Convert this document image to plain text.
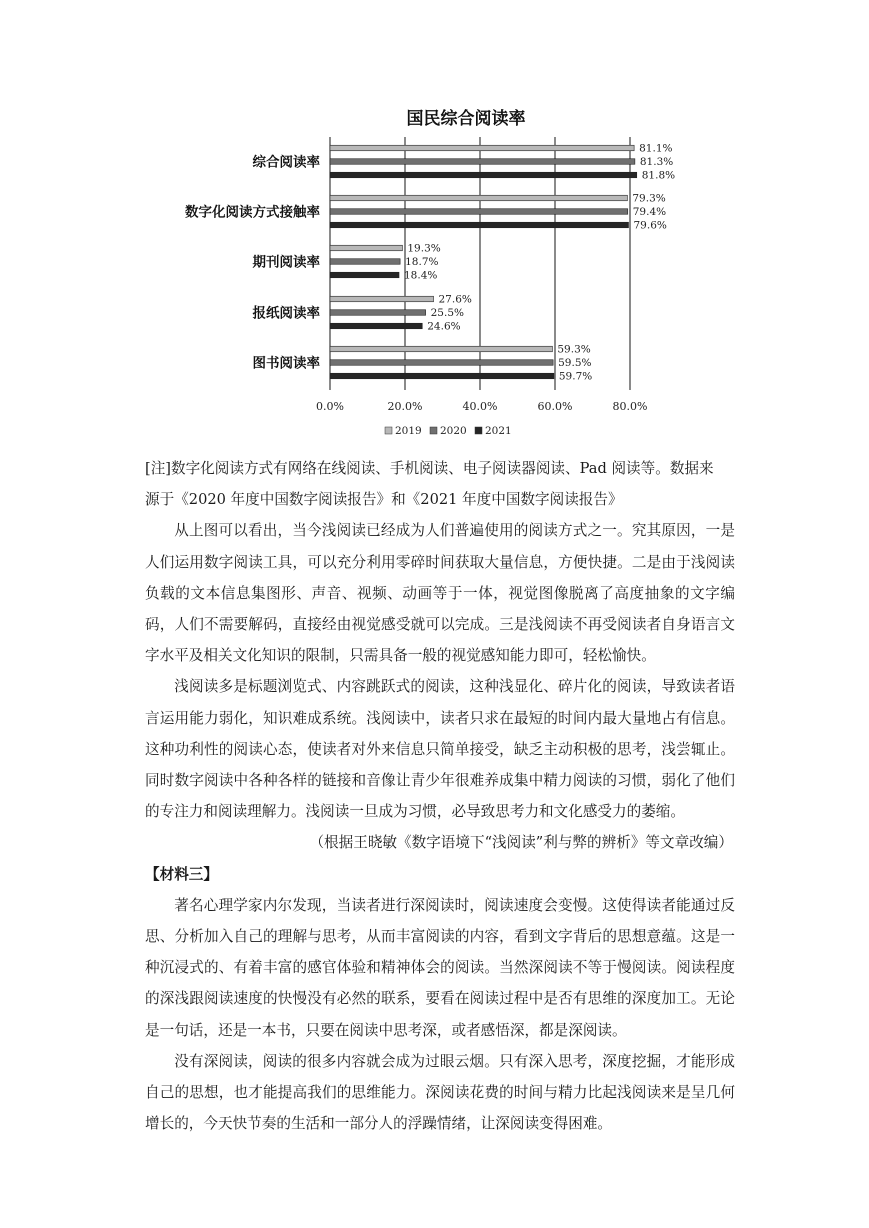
国民综合阅读率
0.0%	20.0%	40.0%	60.0%	80.0%
综合阅读率
数字化阅读方式接触率
期刊阅读率
报纸阅读率
图书阅读率
81.1%
79.3%
19.3%
27.6%
59.3%
81.3%
79.4%
18.7%
25.5%
59.5%
81.8%
79.6%
18.4%
24.6%
59.7%
2019 2020 2021

[注]数字化阅读方式有网络在线阅读、手机阅读、电子阅读器阅读、Pad 阅读等。数据来

源于《2020 年度中国数字阅读报告》和《2021 年度中国数字阅读报告》

从上图可以看出，当今浅阅读已经成为人们普遍使用的阅读方式之一。究其原因，一是人们运用数字阅读工具，可以充分利用零碎时间获取大量信息，方便快捷。二是由于浅阅读负载的文本信息集图形、声音、视频、动画等于一体，视觉图像脱离了高度抽象的文字编码，人们不需要解码，直接经由视觉感受就可以完成。三是浅阅读不再受阅读者自身语言文字水平及相关文化知识的限制，只需具备一般的视觉感知能力即可，轻松愉快。

浅阅读多是标题浏览式、内容跳跃式的阅读，这种浅显化、碎片化的阅读，导致读者语言运用能力弱化，知识难成系统。浅阅读中，读者只求在最短的时间内最大量地占有信息。这种功利性的阅读心态，使读者对外来信息只简单接受，缺乏主动积极的思考，浅尝辄止。同时数字阅读中各种各样的链接和音像让青少年很难养成集中精力阅读的习惯，弱化了他们的专注力和阅读理解力。浅阅读一旦成为习惯，必导致思考力和文化感受力的萎缩。

（根据王晓敏《数字语境下“浅阅读”利与弊的辨析》等文章改编）

【材料三】

著名心理学家内尔发现，当读者进行深阅读时，阅读速度会变慢。这使得读者能通过反思、分析加入自己的理解与思考，从而丰富阅读的内容，看到文字背后的思想意蕴。这是一种沉浸式的、有着丰富的感官体验和精神体会的阅读。当然深阅读不等于慢阅读。阅读程度的深浅跟阅读速度的快慢没有必然的联系，要看在阅读过程中是否有思维的深度加工。无论是一句话，还是一本书，只要在阅读中思考深，或者感悟深，都是深阅读。

没有深阅读，阅读的很多内容就会成为过眼云烟。只有深入思考，深度挖掘，才能形成自己的思想，也才能提高我们的思维能力。深阅读花费的时间与精力比起浅阅读来是呈几何增长的，今天快节奏的生活和一部分人的浮躁情绪，让深阅读变得困难。
